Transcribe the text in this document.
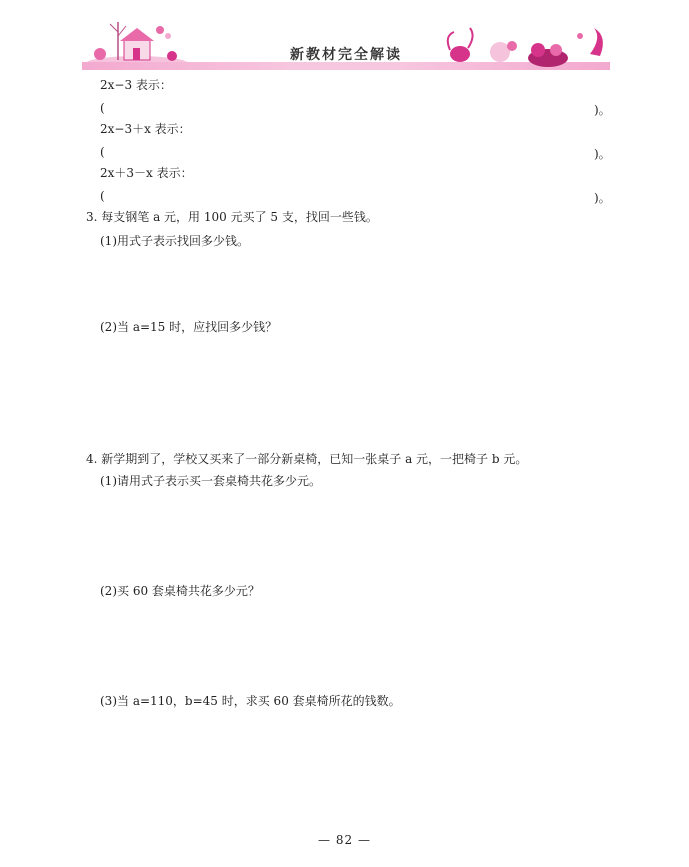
新教材完全解读
2x−3 表示：
(	)。
2x−3＋x 表示：
(	)。
2x＋3－x 表示：
(	)。
3. 每支钢笔 a 元，用 100 元买了 5 支，找回一些钱。
(1)用式子表示找回多少钱。
(2)当 a=15 时，应找回多少钱？
4. 新学期到了，学校又买来了一部分新桌椅，已知一张桌子 a 元，一把椅子 b 元。
(1)请用式子表示买一套桌椅共花多少元。
(2)买 60 套桌椅共花多少元？
(3)当 a=110，b=45 时，求买 60 套桌椅所花的钱数。
— 82 —
